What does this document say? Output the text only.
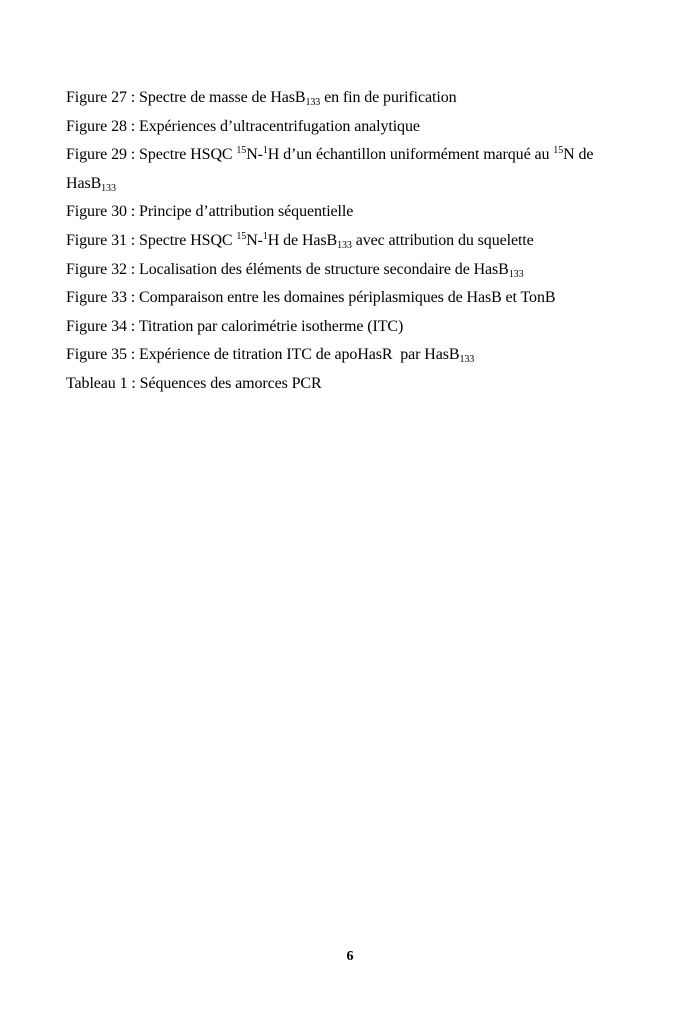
Figure 27 : Spectre de masse de HasB$_{133}$ en fin de purification
Figure 28 : Expériences d’ultracentrifugation analytique
Figure 29 : Spectre HSQC $^{15}$N-$^1$H d’un échantillon uniformément marqué au $^{15}$N de
HasB$_{133}$
Figure 30 : Principe d’attribution séquentielle
Figure 31 : Spectre HSQC $^{15}$N-$^1$H de HasB$_{133}$ avec attribution du squelette
Figure 32 : Localisation des éléments de structure secondaire de HasB$_{133}$
Figure 33 : Comparaison entre les domaines périplasmiques de HasB et TonB
Figure 34 : Titration par calorimétrie isotherme (ITC)
Figure 35 : Expérience de titration ITC de apoHasR  par HasB$_{133}$
Tableau 1 : Séquences des amorces PCR
6
